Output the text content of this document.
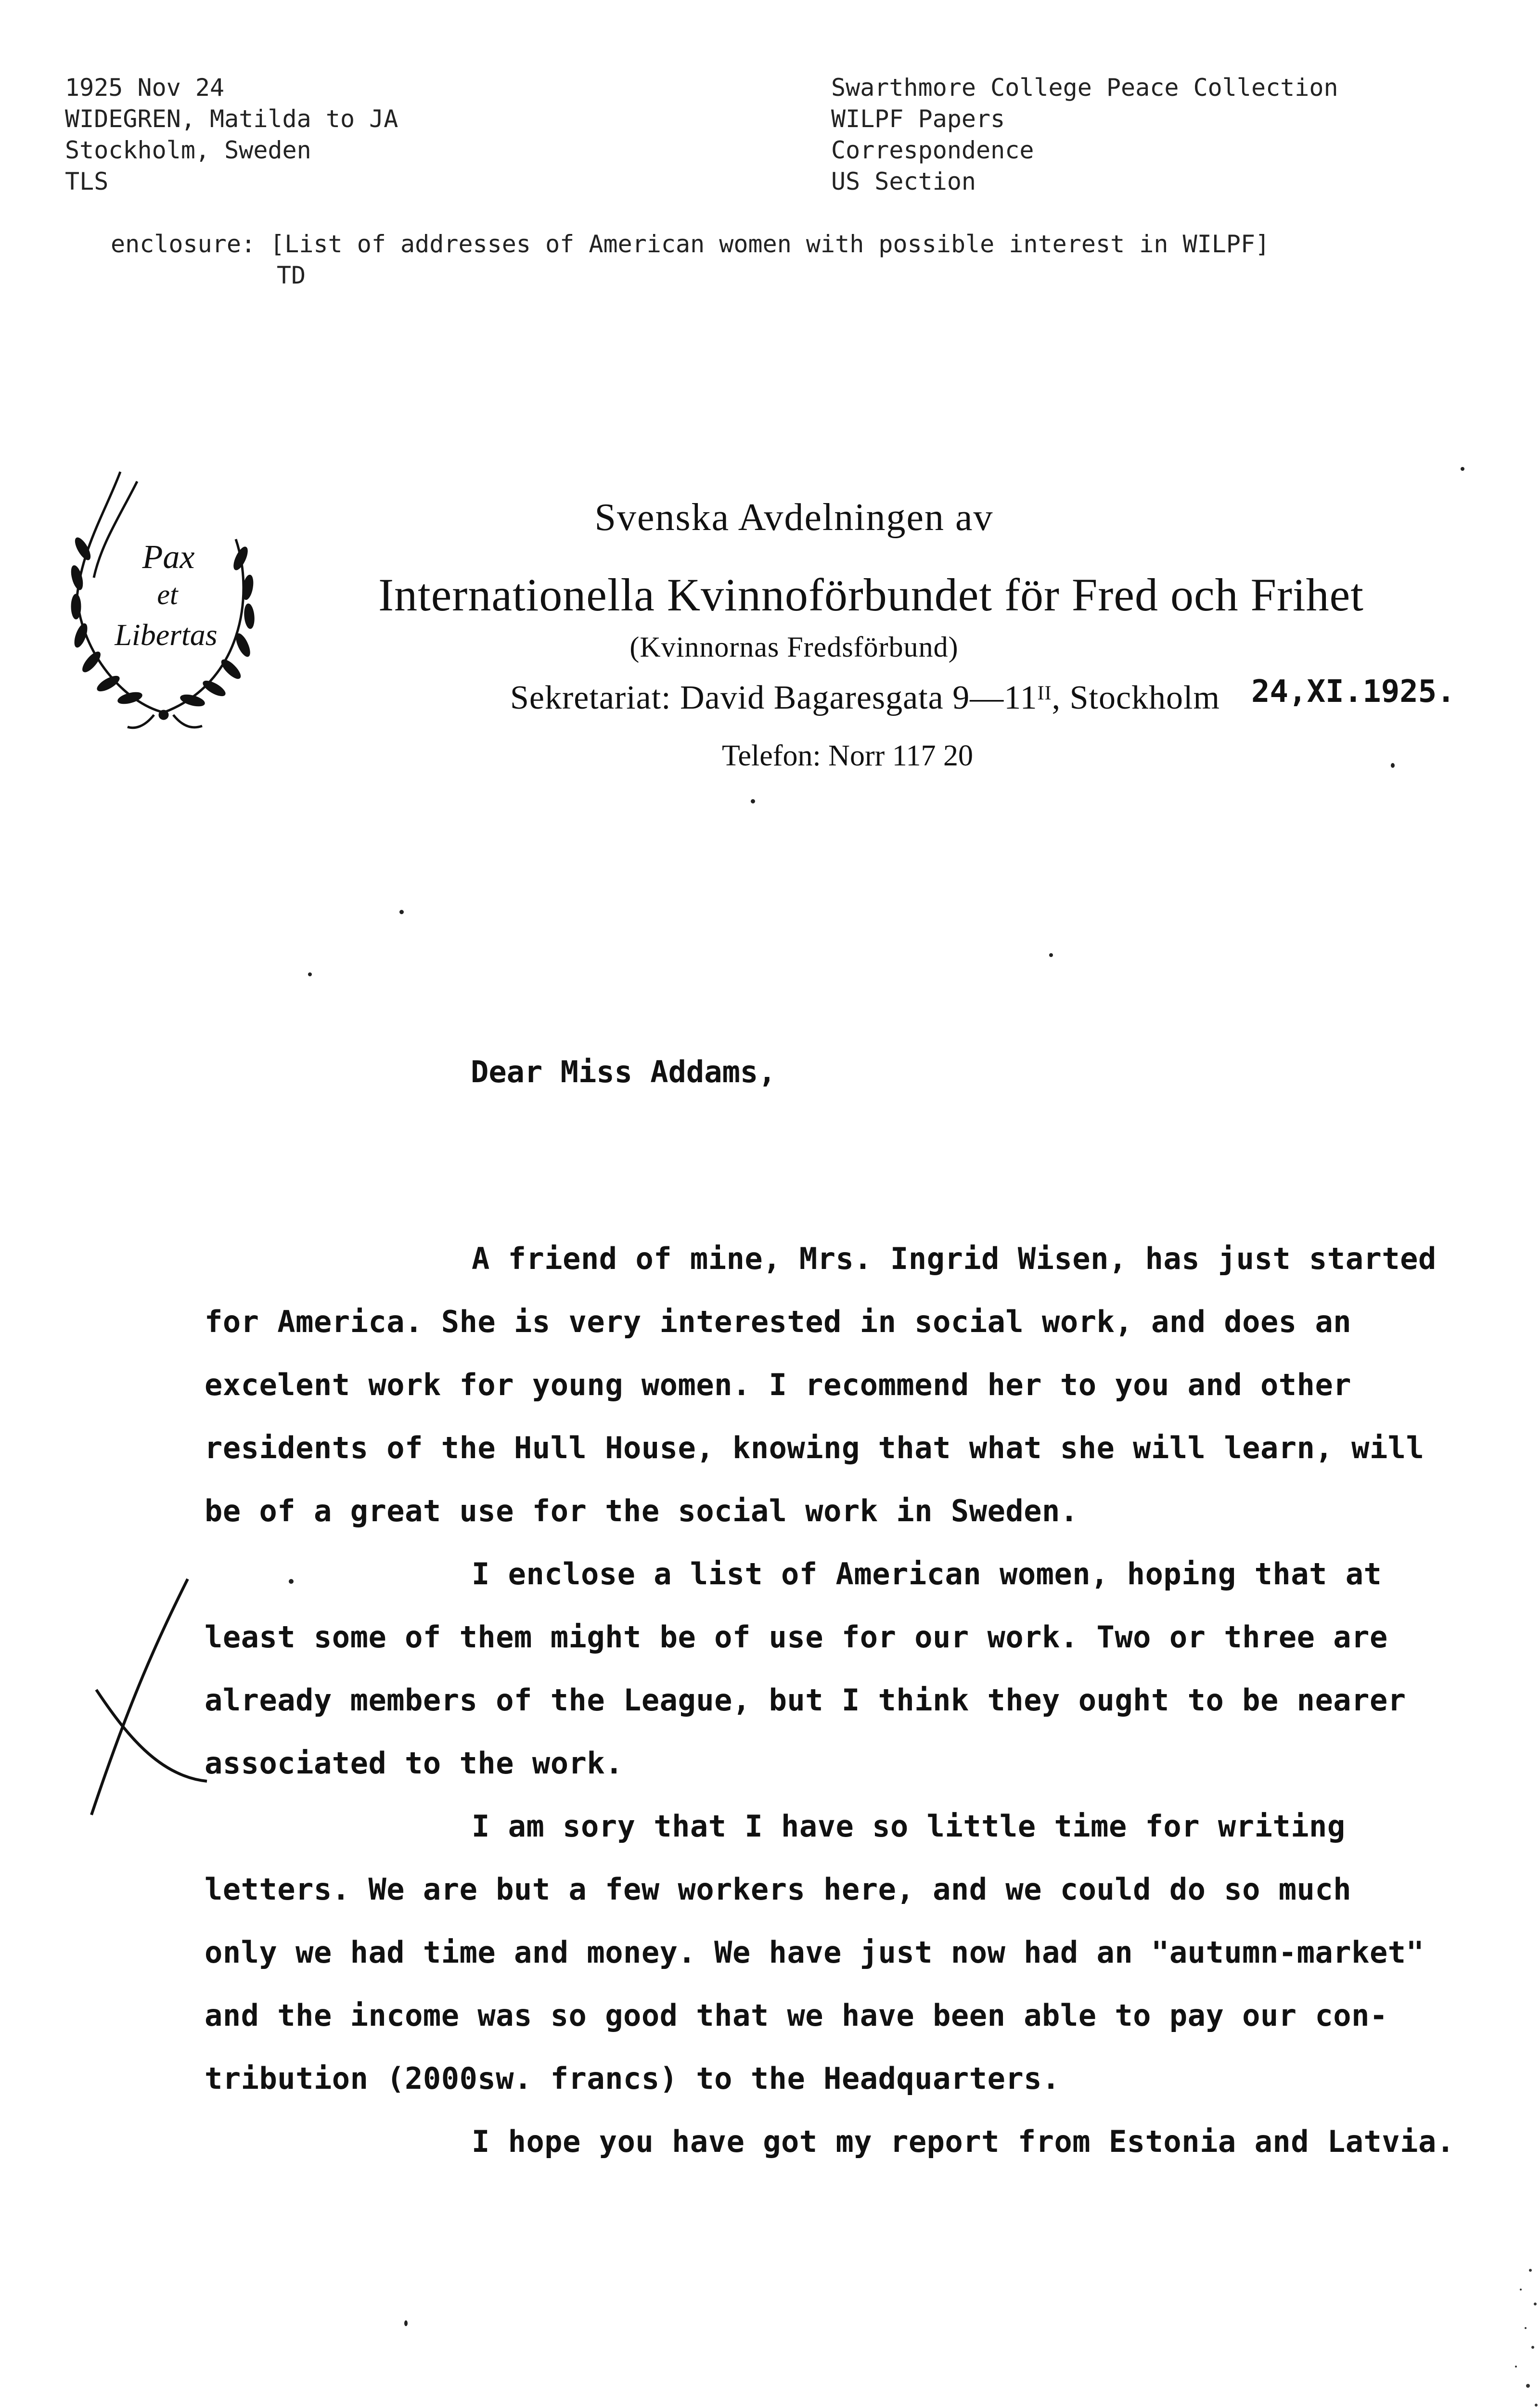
1925 Nov 24
WIDEGREN, Matilda to JA
Stockholm, Sweden
TLS
Swarthmore College Peace Collection
WILPF Papers
Correspondence
US Section
enclosure: [List of addresses of American women with possible interest in WILPF]
TD
Pax
et
Libertas
Svenska Avdelningen av
Internationella Kvinnoförbundet för Fred och Frihet
(Kvinnornas Fredsförbund)
Sekretariat: David Bagaresgata 9—11ᴵᴵ, Stockholm 24,XI.1925.
Telefon: Norr 117 20
Dear Miss Addams,
A friend of mine, Mrs. Ingrid Wisen, has just started
for America. She is very interested in social work, and does an
excelent work for young women. I recommend her to you and other
residents of the Hull House, knowing that what she will learn, will
be of a great use for the social work in Sweden.
I enclose a list of American women, hoping that at
least some of them might be of use for our work. Two or three are
already members of the League, but I think they ought to be nearer
associated to the work.
I am sory that I have so little time for writing
letters. We are but a few workers here, and we could do so much
only we had time and money. We have just now had an "autumn-market"
and the income was so good that we have been able to pay our con-
tribution (2000sw. francs) to the Headquarters.
I hope you have got my report from Estonia and Latvia.
